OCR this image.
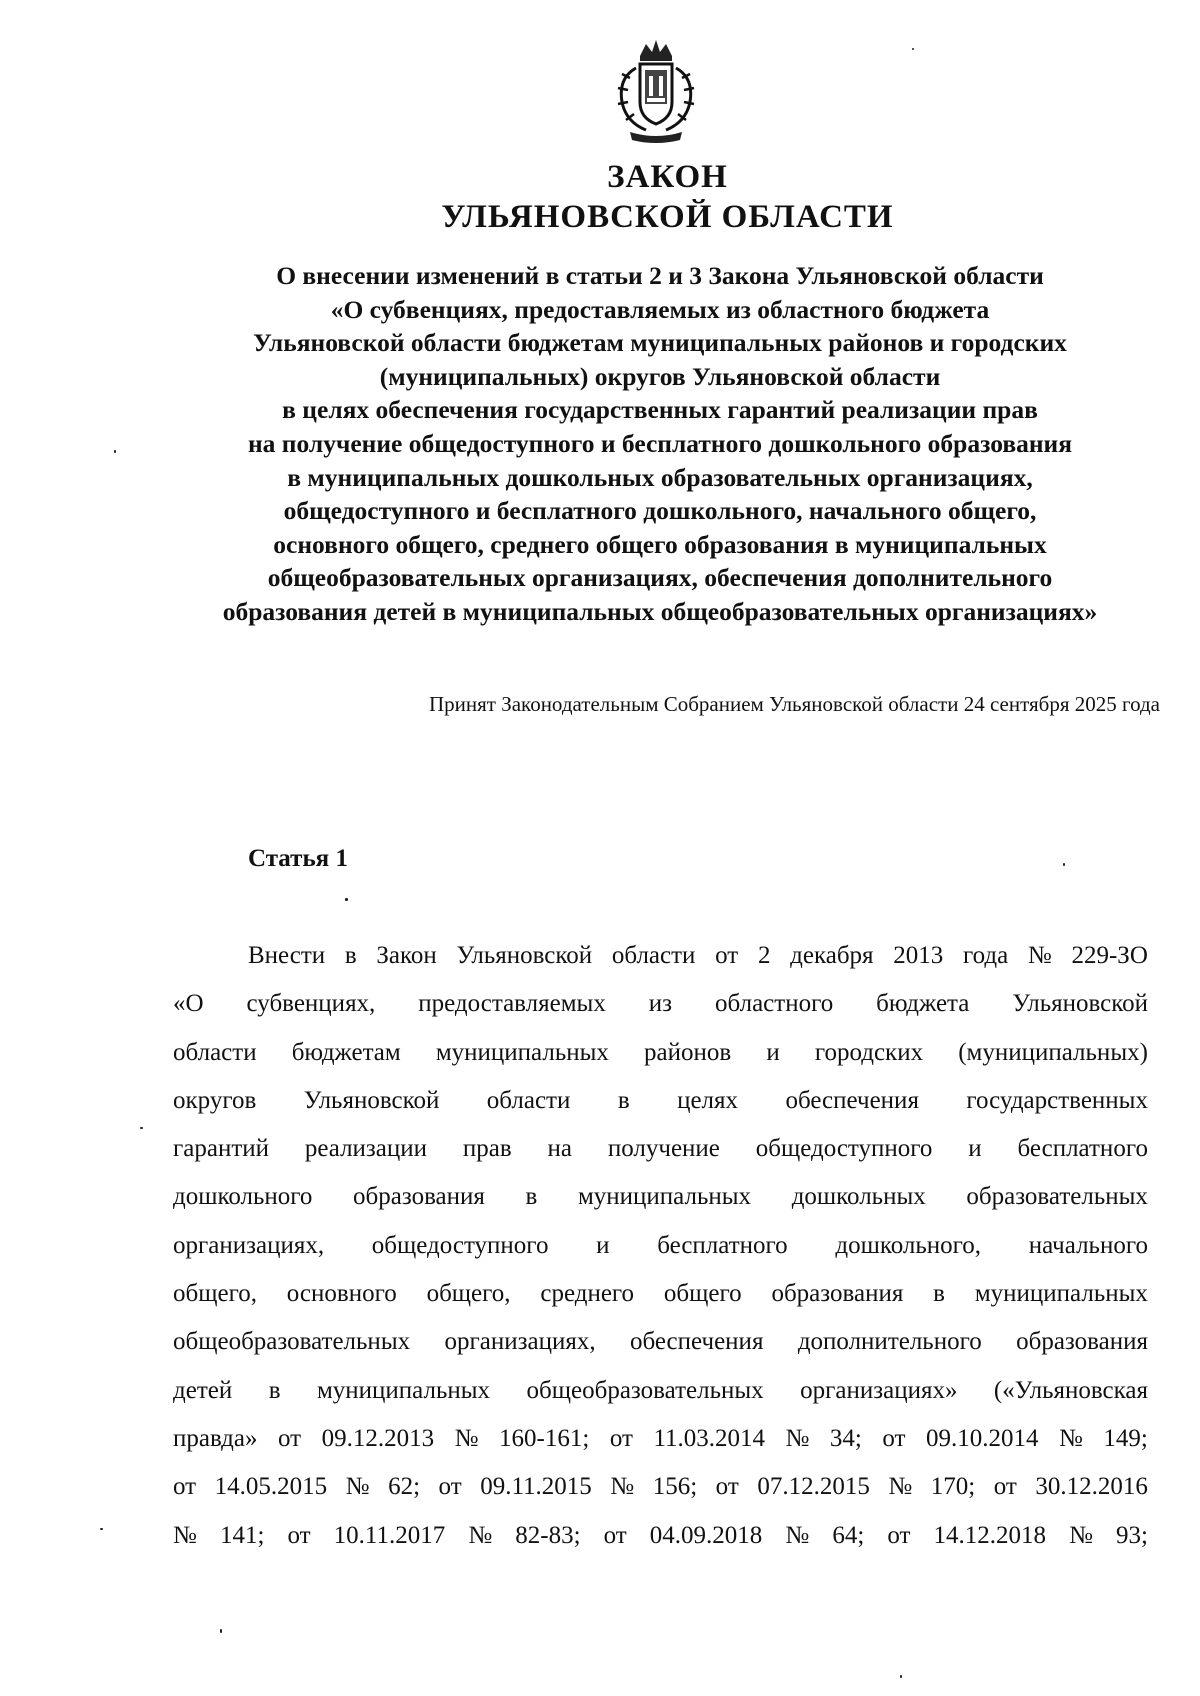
ЗАКОН
УЛЬЯНОВСКОЙ ОБЛАСТИ
О внесении изменений в статьи 2 и 3 Закона Ульяновской области
«О субвенциях, предоставляемых из областного бюджета
Ульяновской области бюджетам муниципальных районов и городских
(муниципальных) округов Ульяновской области
в целях обеспечения государственных гарантий реализации прав
на получение общедоступного и бесплатного дошкольного образования
в муниципальных дошкольных образовательных организациях,
общедоступного и бесплатного дошкольного, начального общего,
основного общего, среднего общего образования в муниципальных
общеобразовательных организациях, обеспечения дополнительного
образования детей в муниципальных общеобразовательных организациях»
Принят Законодательным Собранием Ульяновской области 24 сентября 2025 года
Статья 1
Внести в Закон Ульяновской области от 2 декабря 2013 года № 229-ЗО
«О субвенциях, предоставляемых из областного бюджета Ульяновской
области бюджетам муниципальных районов и городских (муниципальных)
округов Ульяновской области в целях обеспечения государственных
гарантий реализации прав на получение общедоступного и бесплатного
дошкольного образования в муниципальных дошкольных образовательных
организациях, общедоступного и бесплатного дошкольного, начального
общего, основного общего, среднего общего образования в муниципальных
общеобразовательных организациях, обеспечения дополнительного образования
детей в муниципальных общеобразовательных организациях» («Ульяновская
правда» от 09.12.2013 № 160-161; от 11.03.2014 № 34; от 09.10.2014 № 149;
от 14.05.2015 № 62; от 09.11.2015 № 156; от 07.12.2015 № 170; от 30.12.2016
№ 141; от 10.11.2017 № 82-83; от 04.09.2018 № 64; от 14.12.2018 № 93;
